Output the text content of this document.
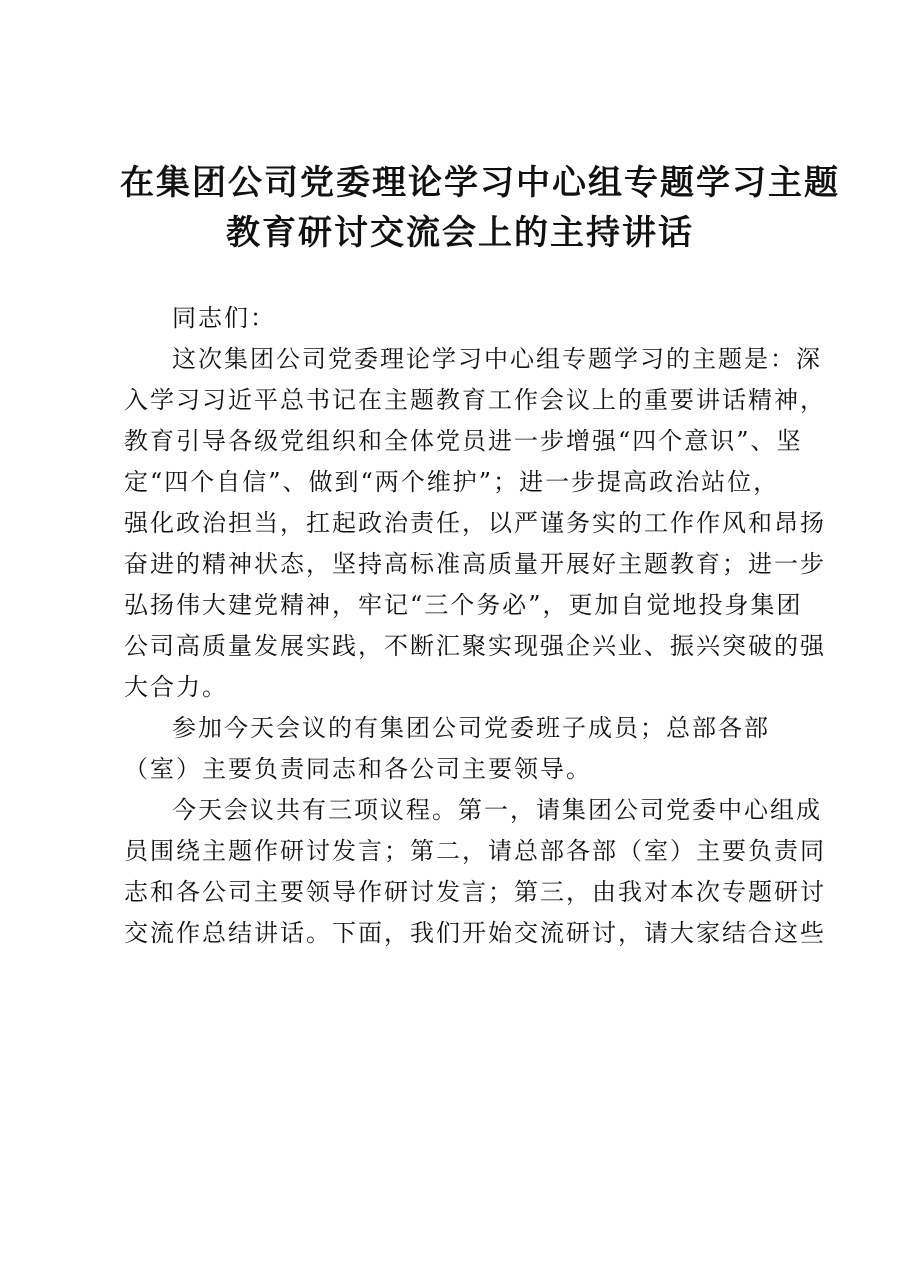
在集团公司党委理论学习中心组专题学习主题
教育研讨交流会上的主持讲话

同志们：

这次集团公司党委理论学习中心组专题学习的主题是：深
入学习习近平总书记在主题教育工作会议上的重要讲话精神，
教育引导各级党组织和全体党员进一步增强“四个意识”、坚
定“四个自信”、做到“两个维护”；进一步提高政治站位，
强化政治担当，扛起政治责任，以严谨务实的工作作风和昂扬
奋进的精神状态，坚持高标准高质量开展好主题教育；进一步
弘扬伟大建党精神，牢记“三个务必”，更加自觉地投身集团
公司高质量发展实践，不断汇聚实现强企兴业、振兴突破的强
大合力。

参加今天会议的有集团公司党委班子成员；总部各部
（室）主要负责同志和各公司主要领导。

今天会议共有三项议程。第一，请集团公司党委中心组成
员围绕主题作研讨发言；第二，请总部各部（室）主要负责同
志和各公司主要领导作研讨发言；第三，由我对本次专题研讨
交流作总结讲话。下面，我们开始交流研讨，请大家结合这些
